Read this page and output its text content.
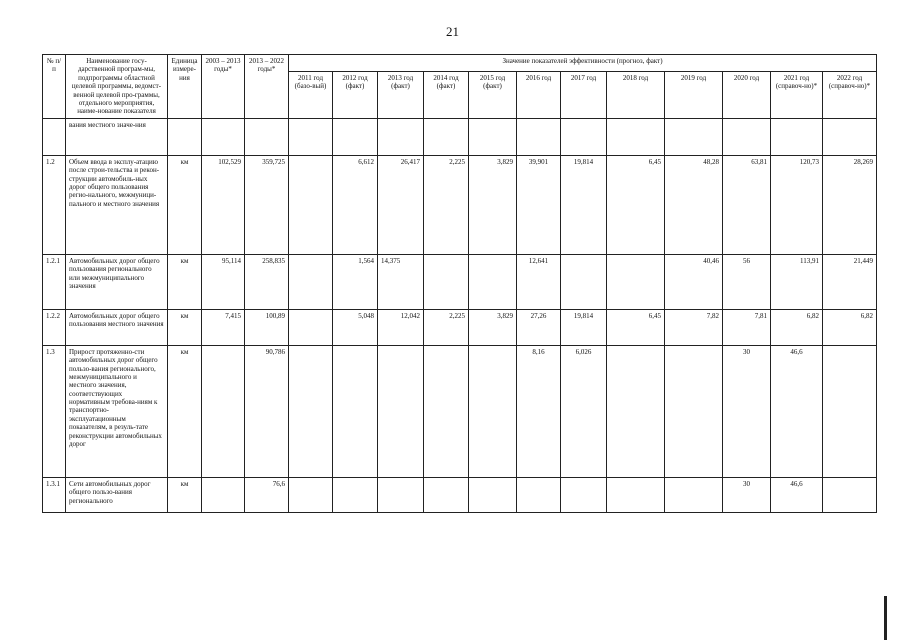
21
№ п/п	Наименование госу-дарственной програм-мы, подпрограммы областной целевой программы, ведомст-венной целевой про-граммы, отдельного мероприятия, наиме-нование показателя	Единица измере-ния	2003 – 2013 годы*	2013 – 2022 годы*	Значение показателей эффективности (прогноз, факт)											
					2011 год (базо-вый)	2012 год (факт)	2013 год (факт)	2014 год (факт)	2015 год (факт)	2016 год	2017 год	2018 год	2019 год	2020 год	2021 год (справоч-но)*	2022 год (справоч-но)*
	вания местного значе-ния															
1.2	Объем ввода в эксплу-атацию после строи-тельства и рекон-струкции автомобиль-ных дорог общего пользования регио-нального, межмуници-пального и местного значения	км	102,529	359,725		6,612	26,417	2,225	3,829	39,901	19,814	6,45	48,28	63,81	120,73	28,269
1.2.1	Автомобильных дорог общего пользования регионального или межмуниципального значения	км	95,114	258,835		1,564	14,375			12,641			40,46	56	113,91	21,449
1.2.2	Автомобильных дорог общего пользования местного значения	км	7,415	100,89		5,048	12,042	2,225	3,829	27,26	19,814	6,45	7,82	7,81	6,82	6,82
1.3	Прирост протяженно-сти автомобильных дорог общего пользо-вания регионального, межмуниципального и местного значения, соответствующих нормативным требова-ниям к транспортно-эксплуатационным показателям, в резуль-тате реконструкции автомобильных дорог	км		90,786						8,16	6,026			30	46,6	
1.3.1	Сети автомобильных дорог общего пользо-вания регионального	км		76,6										30	46,6	
